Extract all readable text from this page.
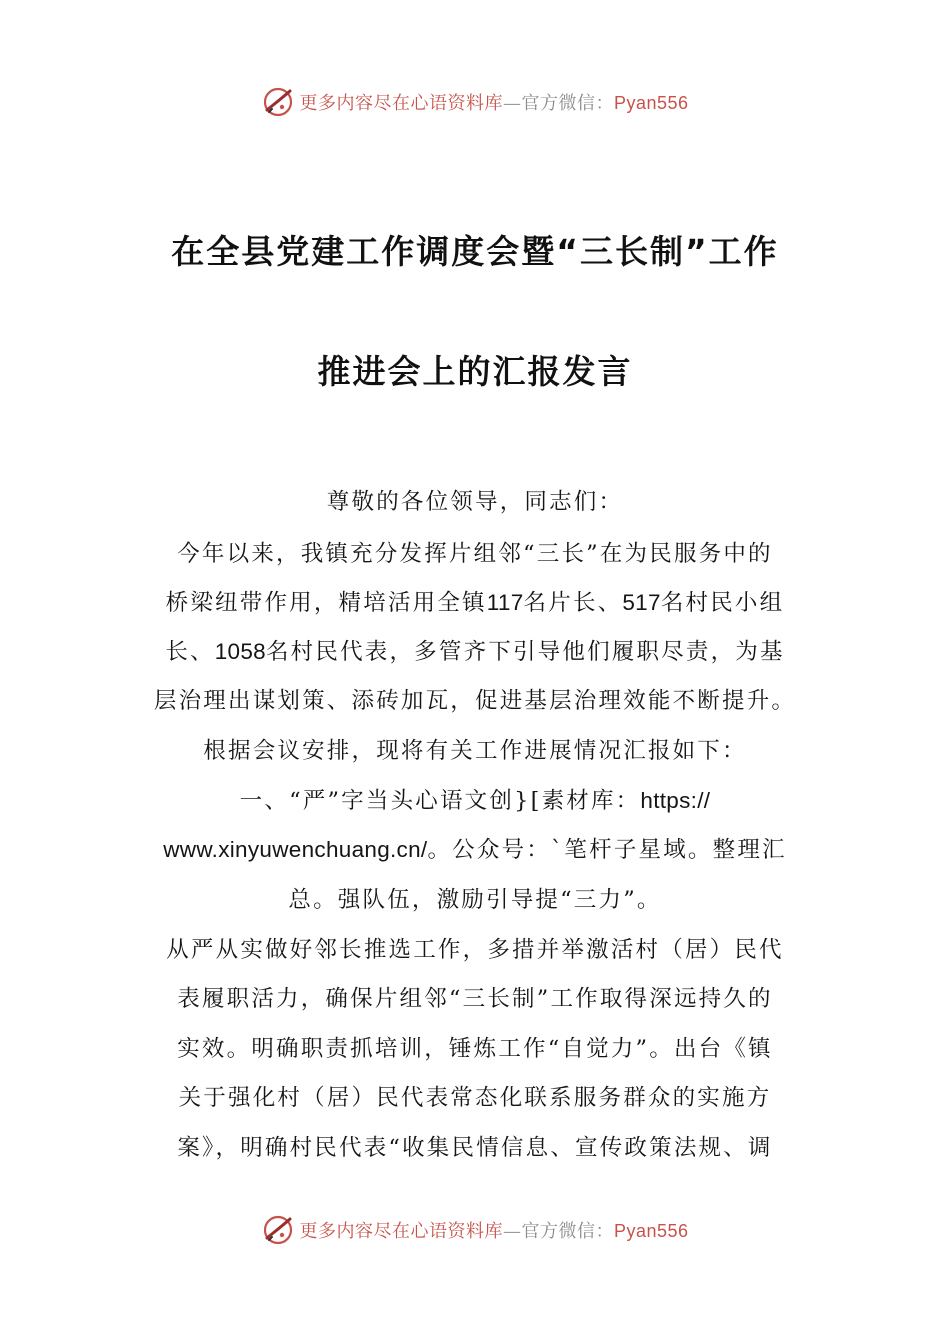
更多内容尽在心语资料库—官方微信：Pyan556
在全县党建工作调度会暨“三长制”工作
推进会上的汇报发言
尊敬的各位领导，同志们：
今年以来，我镇充分发挥片组邻“三长”在为民服务中的
桥梁纽带作用，精培活用全镇117名片长、517名村民小组
长、1058名村民代表，多管齐下引导他们履职尽责，为基
层治理出谋划策、添砖加瓦，促进基层治理效能不断提升。
根据会议安排，现将有关工作进展情况汇报如下：
一、“严”字当头心语文创}[素材库：https://
www.xinyuwenchuang.cn/。公众号：`笔杆子星域。整理汇
总。强队伍，激励引导提“三力”。
从严从实做好邻长推选工作，多措并举激活村（居）民代
表履职活力，确保片组邻“三长制”工作取得深远持久的
实效。明确职责抓培训，锤炼工作“自觉力”。出台《镇
关于强化村（居）民代表常态化联系服务群众的实施方
案》，明确村民代表“收集民情信息、宣传政策法规、调
更多内容尽在心语资料库—官方微信：Pyan556
